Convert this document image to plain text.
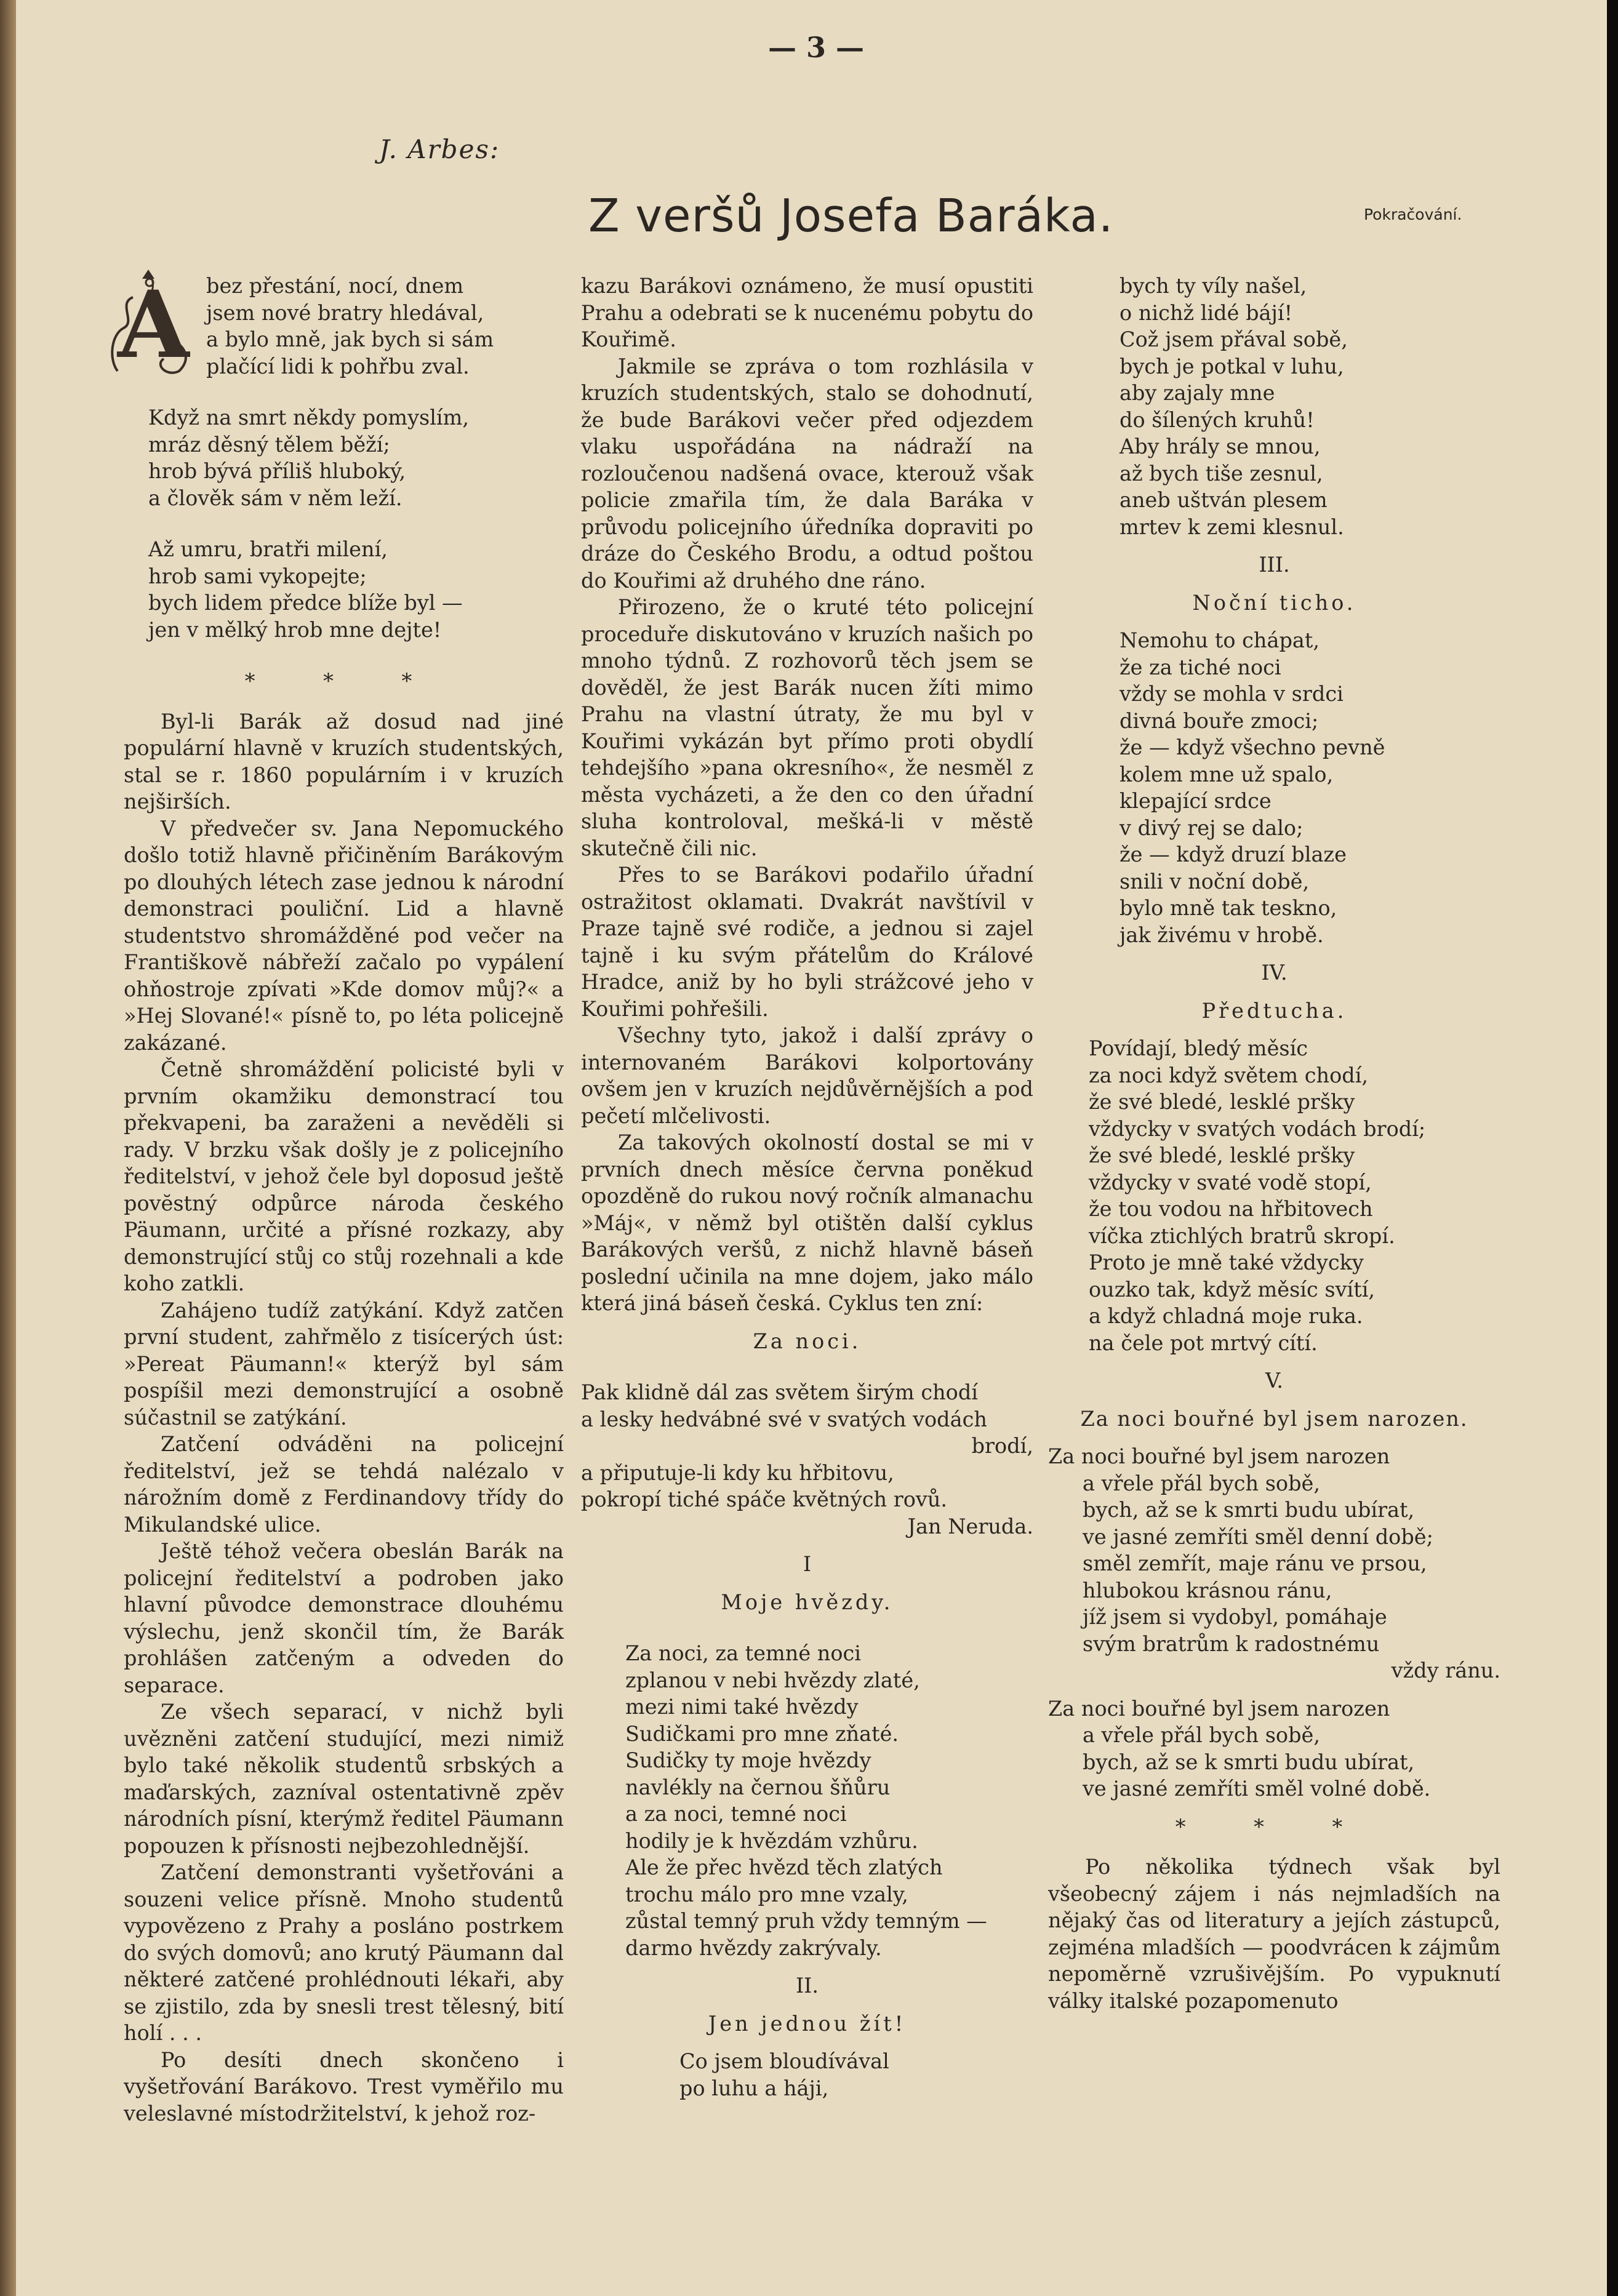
— 3 —
J. Arbes:
Z veršů Josefa Baráka.	Pokračování.
A bez přestání, nocí, dnem
jsem nové bratry hledával,
a bylo mně, jak bych si sám
plačící lidi k pohřbu zval.
Když na smrt někdy pomyslím,
mráz děsný tělem běží;
hrob bývá příliš hluboký,
a člověk sám v něm leží.
Až umru, bratři milení,
hrob sami vykopejte;
bych lidem předce blíže byl —
jen v mělký hrob mne dejte!
* * *

Byl-li Barák až dosud nad jiné populární hlavně v kruzích studentských, stal se r. 1860 populárním i v kruzích nejširších.

V předvečer sv. Jana Nepomuckého došlo totiž hlavně přičiněním Barákovým po dlouhých létech zase jednou k národní demonstraci pouliční. Lid a hlavně studentstvo shromážděné pod večer na Františkově nábřeží začalo po vypálení ohňostroje zpívati »Kde domov můj?« a »Hej Slované!« písně to, po léta policejně zakázané.

Četně shromáždění policisté byli v prvním okamžiku demonstrací tou překvapeni, ba zaraženi a nevěděli si rady. V brzku však došly je z policejního ředitelství, v jehož čele byl doposud ještě povĕstný odpůrce národa českého Päumann, určité a přísné rozkazy, aby demonstrující stůj co stůj rozehnali a kde koho zatkli.

Zahájeno tudíž zatýkání. Když zatčen první student, zahřmělo z tisícerých úst: »Pereat Päumann!« kterýž byl sám pospíšil mezi demonstrující a osobně súčastnil se zatýkání.

Zatčení odváděni na policejní ředitelství, jež se tehdá nalézalo v nárožním domě z Ferdinandovy třídy do Mikulandské ulice.

Ještě téhož večera obeslán Barák na policejní ředitelství a podroben jako hlavní původce demonstrace dlouhému výslechu, jenž skončil tím, že Barák prohlášen zatčeným a odveden do separace.

Ze všech separací, v nichž byli uvězněni zatčení studující, mezi nimiž bylo také několik studentů srbských a maďarských, zazníval ostentativně zpěv národních písní, kterýmž ředitel Päumann popouzen k přísnosti nejbezohlednější.

Zatčení demonstranti vyšetřováni a souzeni velice přísně. Mnoho studentů vypovězeno z Prahy a posláno postrkem do svých domovů; ano krutý Päumann dal některé zatčené prohlédnouti lékaři, aby se zjistilo, zda by snesli trest tělesný, bití holí . . .

Po desíti dnech skončeno i vyšetřování Barákovo. Trest vyměřilo mu veleslavné místodržitelství, k jehož roz-

kazu Barákovi oznámeno, že musí opustiti Prahu a odebrati se k nucenému pobytu do Kouřimě.

Jakmile se zpráva o tom rozhlásila v kruzích studentských, stalo se dohodnutí, že bude Barákovi večer před odjezdem vlaku uspořádána na nádraží na rozloučenou nadšená ovace, kterouž však policie zmařila tím, že dala Baráka v průvodu policejního úředníka dopraviti po dráze do Českého Brodu, a odtud poštou do Kouřimi až druhého dne ráno.

Přirozeno, že o kruté této policejní proceduře diskutováno v kruzích našich po mnoho týdnů. Z rozhovorů těch jsem se dověděl, že jest Barák nucen žíti mimo Prahu na vlastní útraty, že mu byl v Kouřimi vykázán byt přímo proti obydlí tehdejšího »pana okresního«, že nesměl z města vycházeti, a že den co den úřadní sluha kontroloval, mešká-li v městě skutečně čili nic.

Přes to se Barákovi podařilo úřadní ostražitost oklamati. Dvakrát navštívil v Praze tajně své rodiče, a jednou si zajel tajně i ku svým přátelům do Králové Hradce, aniž by ho byli strážcové jeho v Kouřimi pohřešili.

Všechny tyto, jakož i další zprávy o internovaném Barákovi kolportovány ovšem jen v kruzích nejdůvěrnějších a pod pečetí mlčelivosti.

Za takových okolností dostal se mi v prvních dnech měsíce června poněkud opozděně do rukou nový ročník almanachu »Máj«, v němž byl otištěn další cyklus Barákových veršů, z nichž hlavně báseň poslední učinila na mne dojem, jako málo která jiná báseň česká. Cyklus ten zní:

Za noci.
Pak klidně dál zas světem širým chodí
a lesky hedvábné své v svatých vodách
brodí,
a připutuje-li kdy ku hřbitovu,
pokropí tiché spáče květných rovů.
Jan Neruda.
I
Moje hvězdy.
Za noci, za temné noci
zplanou v nebi hvězdy zlaté,
mezi nimi také hvězdy
Sudičkami pro mne zňaté.
Sudičky ty moje hvězdy
navlékly na černou šňůru
a za noci, temné noci
hodily je k hvězdám vzhůru.
Ale že přec hvězd těch zlatých
trochu málo pro mne vzaly,
zůstal temný pruh vždy temným —
darmo hvězdy zakrývaly.
II.
Jen jednou žít!
Co jsem bloudívával
po luhu a háji,
bych ty víly našel,
o nichž lidé bájí!
Což jsem přával sobě,
bych je potkal v luhu,
aby zajaly mne
do šílených kruhů!
Aby hrály se mnou,
až bych tiše zesnul,
aneb uštván plesem
mrtev k zemi klesnul.
III.
Noční ticho.
Nemohu to chápat,
že za tiché noci
vždy se mohla v srdci
divná bouře zmoci;
že — když všechno pevně
kolem mne už spalo,
klepající srdce
v divý rej se dalo;
že — když druzí blaze
snili v noční době,
bylo mně tak teskno,
jak živému v hrobě.
IV.
Předtucha.
Povídají, bledý měsíc
za noci když světem chodí,
že své bledé, lesklé pršky
vždycky v svatých vodách brodí;
že své bledé, lesklé pršky
vždycky v svaté vodě stopí,
že tou vodou na hřbitovech
víčka ztichlých bratrů skropí.
Proto je mně také vždycky
ouzko tak, když měsíc svítí,
a když chladná moje ruka.
na čele pot mrtvý cítí.
V.
Za noci bouřné byl jsem narozen.
Za noci bouřné byl jsem narozen
a vřele přál bych sobě,
bych, až se k smrti budu ubírat,
ve jasné zemříti směl denní době;
směl zemřít, maje ránu ve prsou,
hlubokou krásnou ránu,
jíž jsem si vydobyl, pomáhaje
svým bratrům k radostnému
vždy ránu.
Za noci bouřné byl jsem narozen
a vřele přál bych sobě,
bych, až se k smrti budu ubírat,
ve jasné zemříti směl volné době.
* * *

Po několika týdnech však byl všeobecný zájem i nás nejmladších na nějaký čas od literatury a jejích zástupců, zejména mladších — poodvrácen k zájmům nepoměrně vzrušivějším. Po vypuknutí války italské pozapomenuto
